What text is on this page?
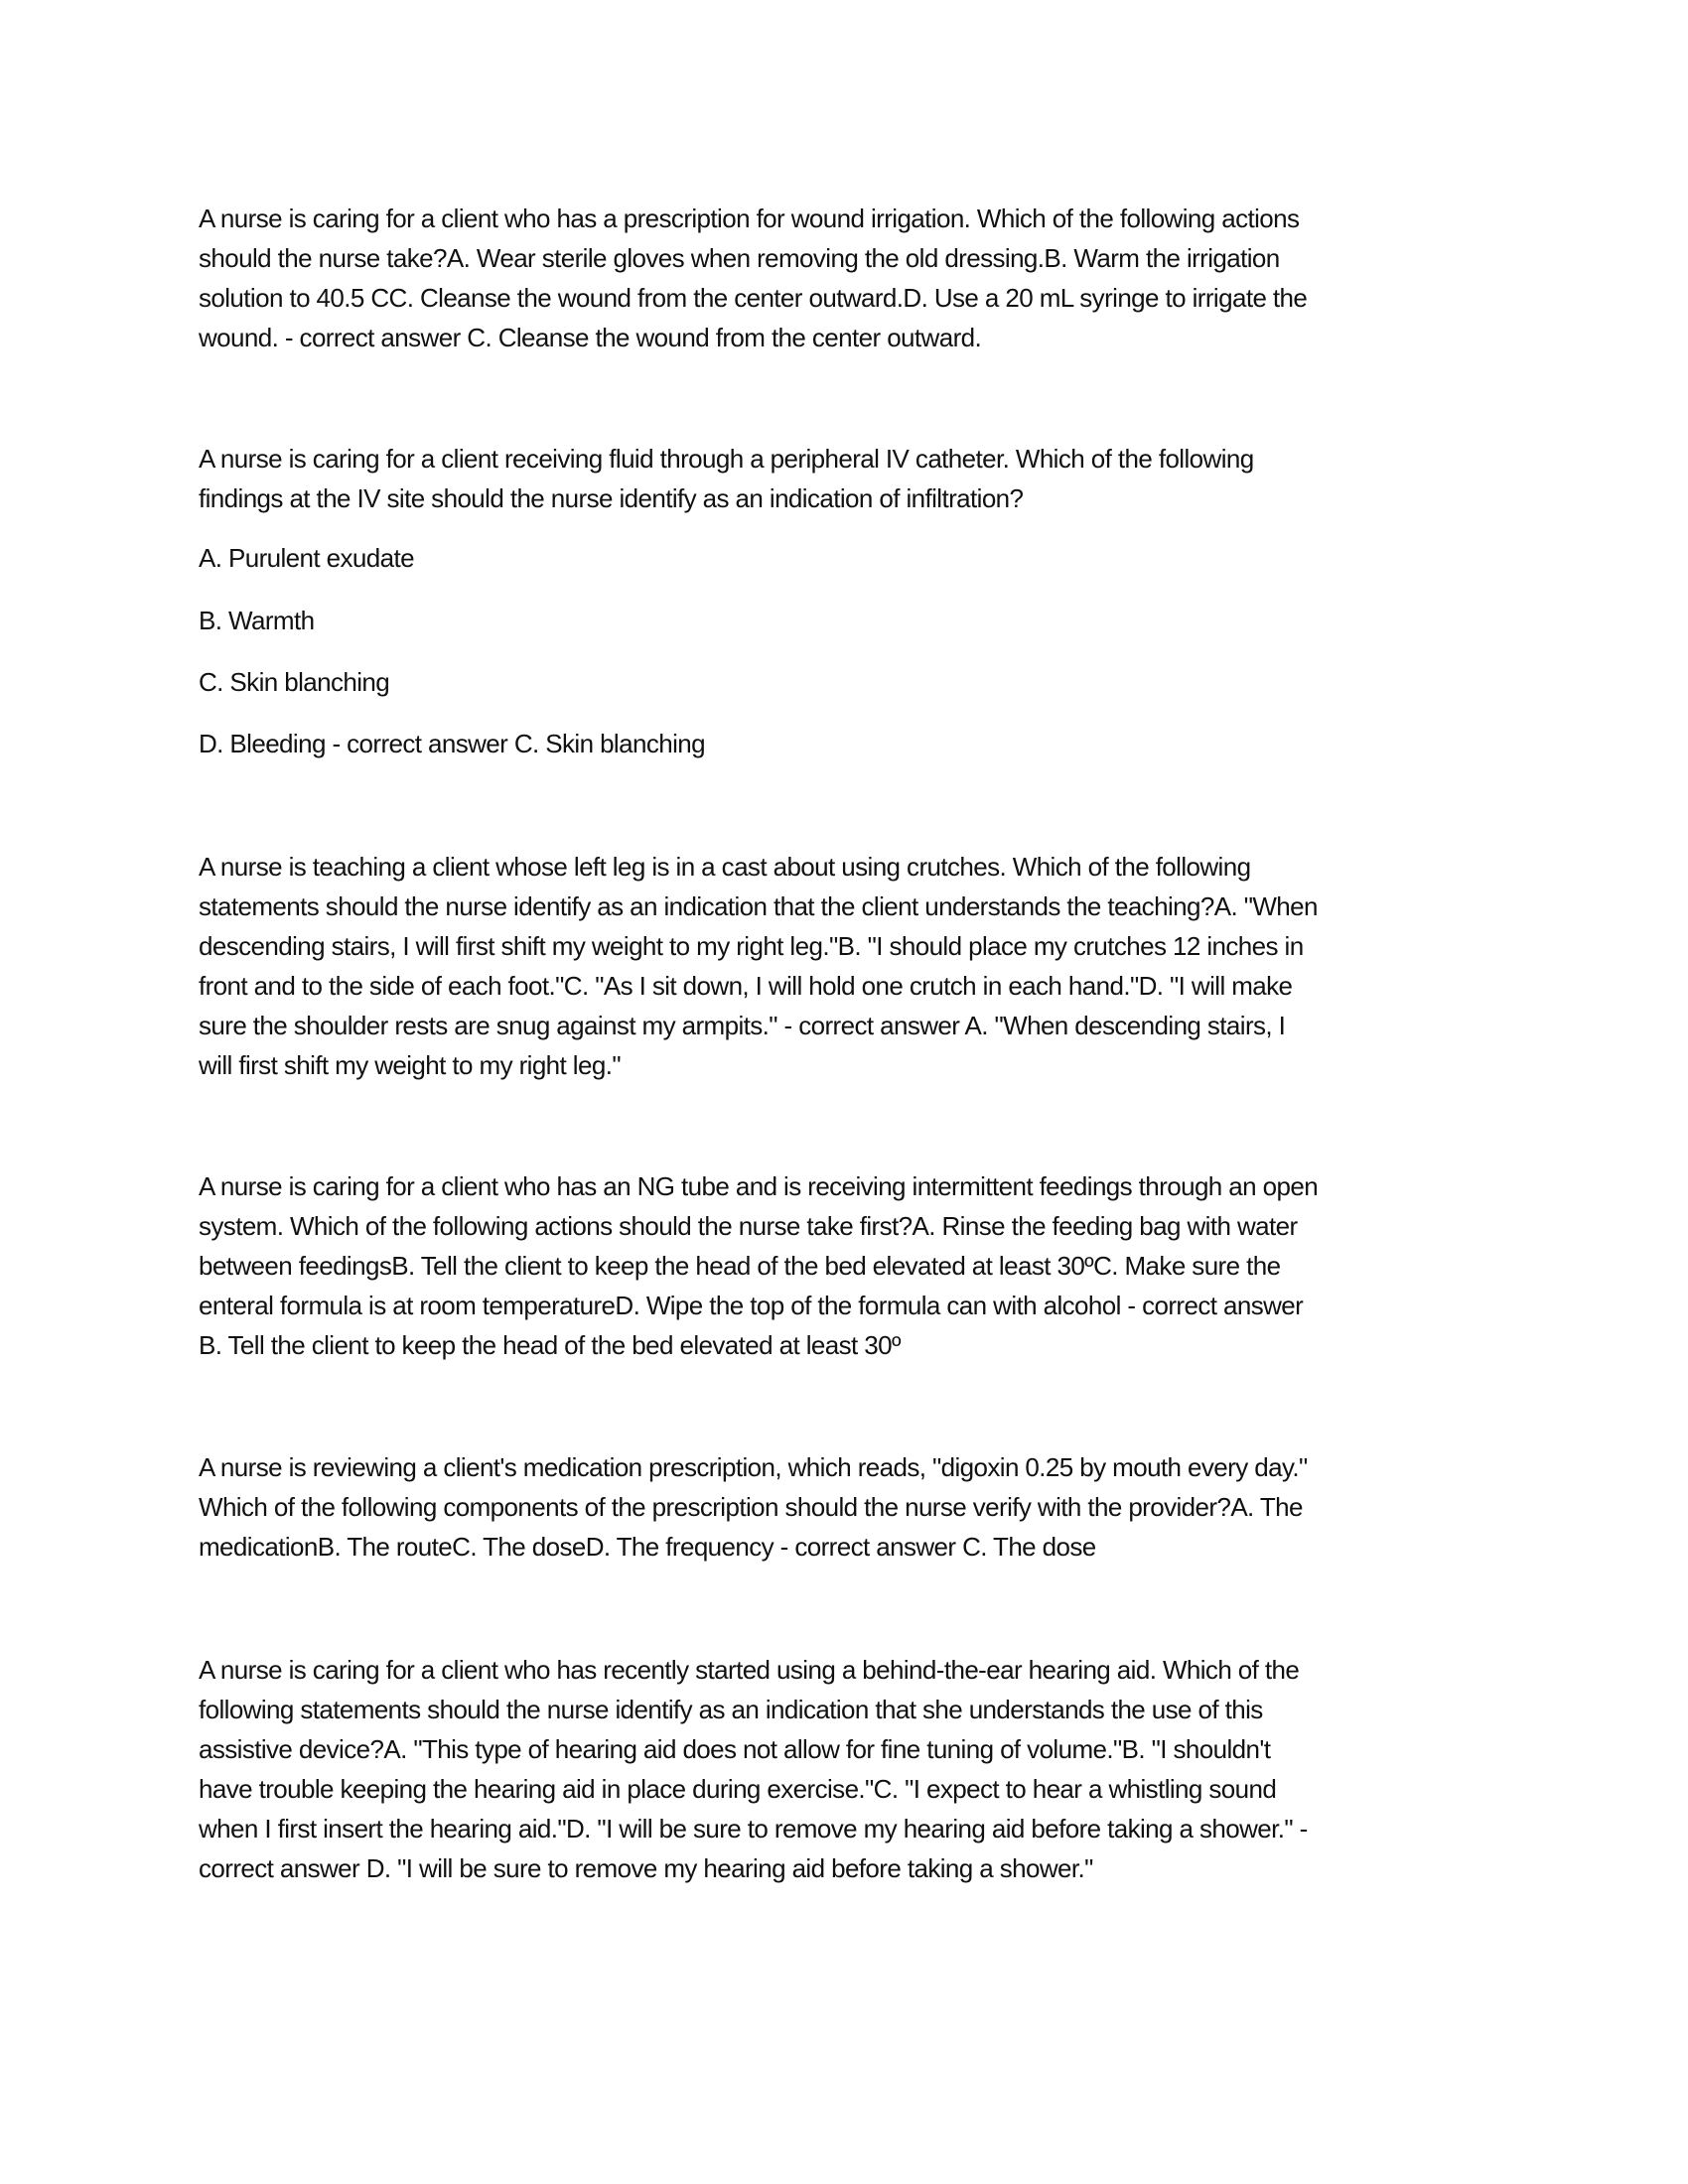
A nurse is caring for a client who has a prescription for wound irrigation. Which of the following actions
should the nurse take?A. Wear sterile gloves when removing the old dressing.B. Warm the irrigation
solution to 40.5 CC. Cleanse the wound from the center outward.D. Use a 20 mL syringe to irrigate the
wound. - correct answer C. Cleanse the wound from the center outward.
A nurse is caring for a client receiving fluid through a peripheral IV catheter. Which of the following
findings at the IV site should the nurse identify as an indication of infiltration?
A. Purulent exudate
B. Warmth
C. Skin blanching
D. Bleeding - correct answer C. Skin blanching
A nurse is teaching a client whose left leg is in a cast about using crutches. Which of the following
statements should the nurse identify as an indication that the client understands the teaching?A. "When
descending stairs, I will first shift my weight to my right leg."B. "I should place my crutches 12 inches in
front and to the side of each foot."C. "As I sit down, I will hold one crutch in each hand."D. "I will make
sure the shoulder rests are snug against my armpits." - correct answer A. "When descending stairs, I
will first shift my weight to my right leg."
A nurse is caring for a client who has an NG tube and is receiving intermittent feedings through an open
system. Which of the following actions should the nurse take first?A. Rinse the feeding bag with water
between feedingsB. Tell the client to keep the head of the bed elevated at least 30ºC. Make sure the
enteral formula is at room temperatureD. Wipe the top of the formula can with alcohol - correct answer
B. Tell the client to keep the head of the bed elevated at least 30º
A nurse is reviewing a client's medication prescription, which reads, "digoxin 0.25 by mouth every day."
Which of the following components of the prescription should the nurse verify with the provider?A. The
medicationB. The routeC. The doseD. The frequency - correct answer C. The dose
A nurse is caring for a client who has recently started using a behind-the-ear hearing aid. Which of the
following statements should the nurse identify as an indication that she understands the use of this
assistive device?A. "This type of hearing aid does not allow for fine tuning of volume."B. "I shouldn't
have trouble keeping the hearing aid in place during exercise."C. "I expect to hear a whistling sound
when I first insert the hearing aid."D. "I will be sure to remove my hearing aid before taking a shower." -
correct answer D. "I will be sure to remove my hearing aid before taking a shower."
